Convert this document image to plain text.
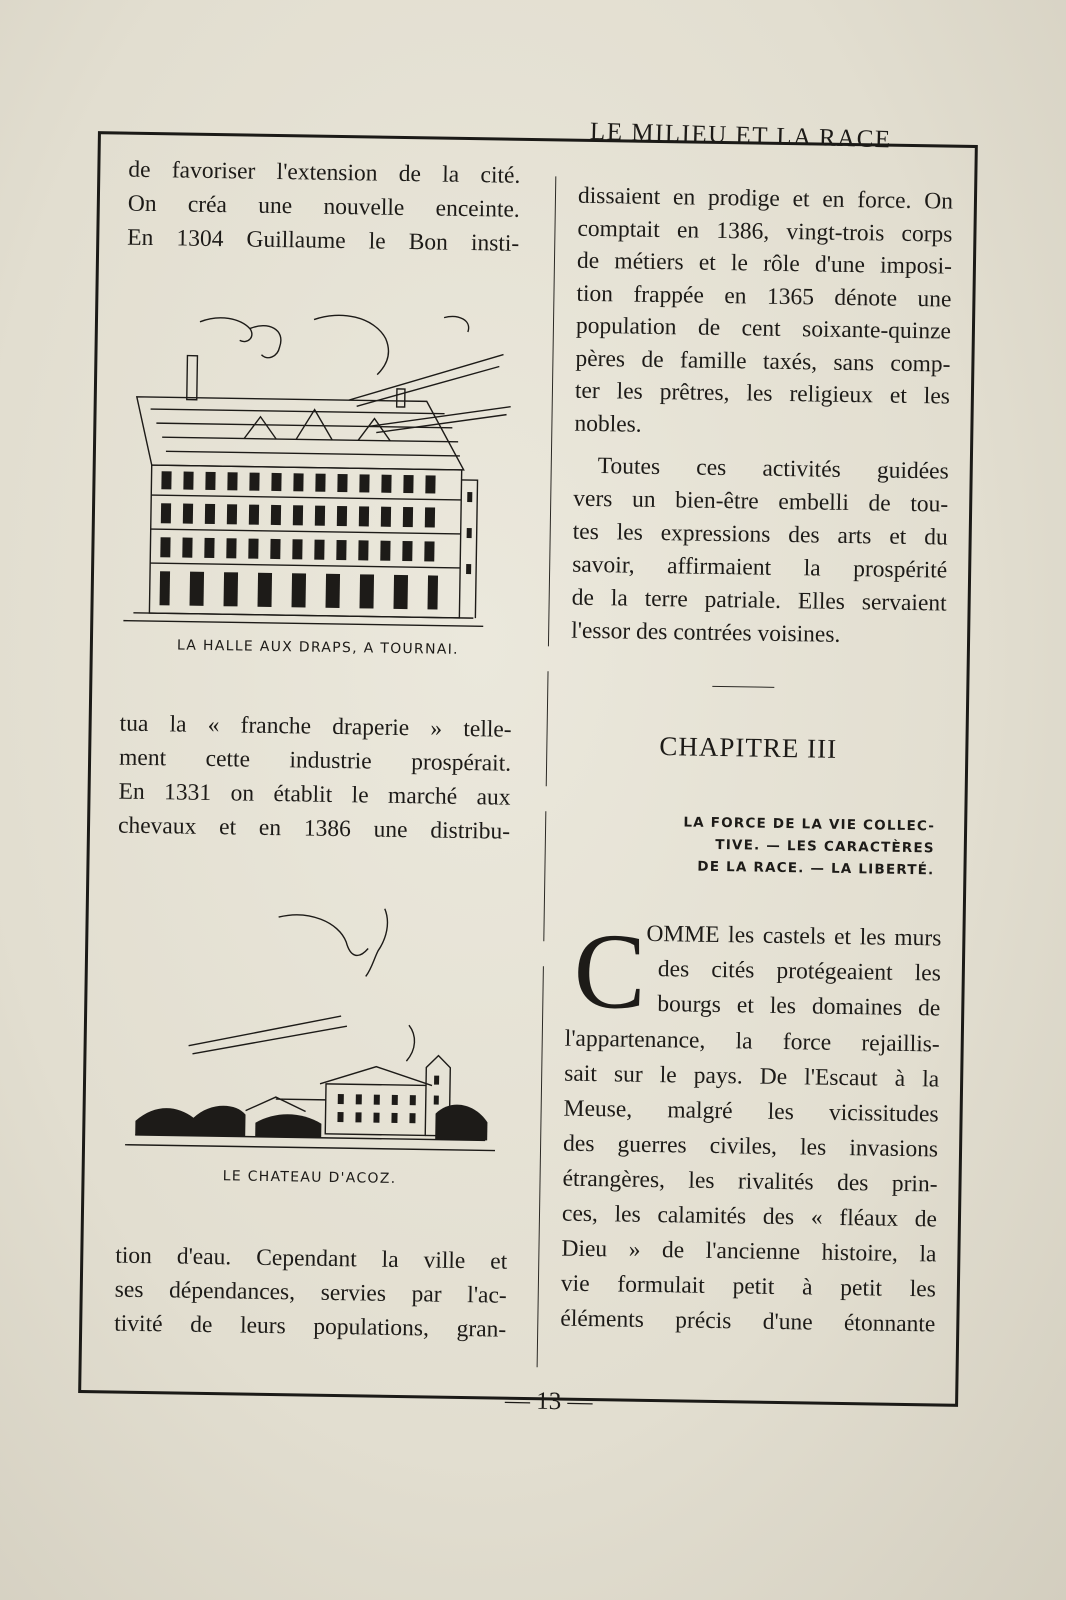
LE MILIEU ET LA RACE
de favoriser l'extension de la cité.
On créa une nouvelle enceinte.
En 1304 Guillaume le Bon insti-
LA HALLE AUX DRAPS, A TOURNAI.
tua la « franche draperie » telle-
ment cette industrie prospérait.
En 1331 on établit le marché aux
chevaux et en 1386 une distribu-
LE CHATEAU D'ACOZ.
tion d'eau. Cependant la ville et
ses dépendances, servies par l'ac-
tivité de leurs populations, gran-
dissaient en prodige et en force. On
comptait en 1386, vingt-trois corps
de métiers et le rôle d'une imposi-
tion frappée en 1365 dénote une
population de cent soixante-quinze
pères de famille taxés, sans comp-
ter les prêtres, les religieux et les
nobles.
Toutes ces activités guidées
vers un bien-être embelli de tou-
tes les expressions des arts et du
savoir, affirmaient la prospérité
de la terre patriale. Elles servaient
l'essor des contrées voisines.
CHAPITRE III
LA FORCE DE LA VIE COLLEC-
TIVE. — LES CARACTÈRES
DE LA RACE. — LA LIBERTÉ.
C OMME les castels et les murs
des cités protégeaient les
bourgs et les domaines de
l'appartenance, la force rejaillis-
sait sur le pays. De l'Escaut à la
Meuse, malgré les vicissitudes
des guerres civiles, les invasions
étrangères, les rivalités des prin-
ces, les calamités des « fléaux de
Dieu » de l'ancienne histoire, la
vie formulait petit à petit les
éléments précis d'une étonnante
— 13 —
